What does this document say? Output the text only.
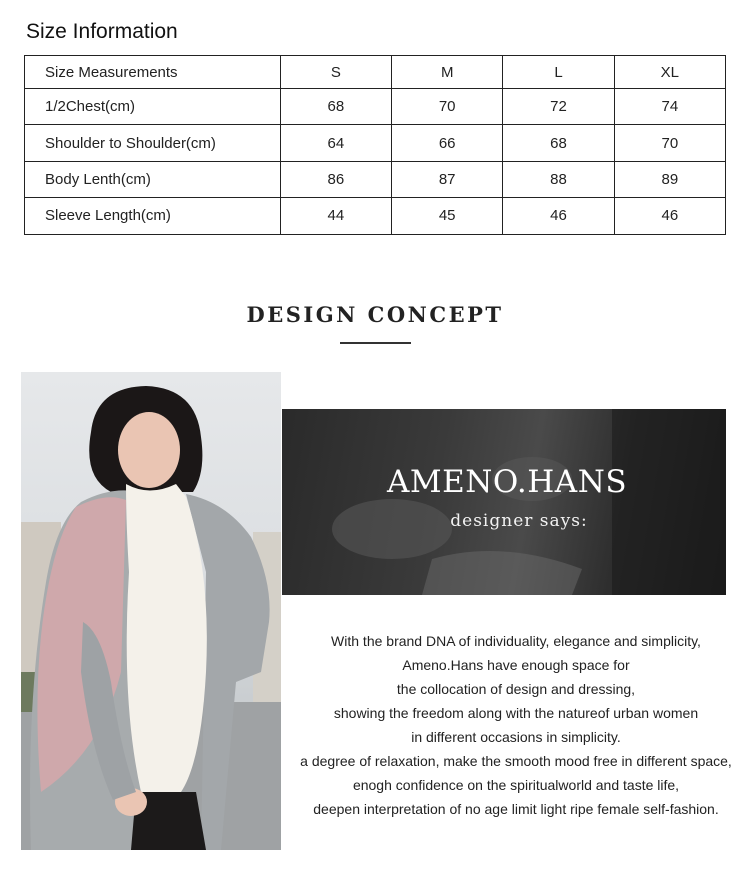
Size Information
Size Measurements	S	M	L	XL
1/2Chest(cm)	68	70	72	74
Shoulder to Shoulder(cm)	64	66	68	70
Body Lenth(cm)	86	87	88	89
Sleeve Length(cm)	44	45	46	46
DESIGN CONCEPT
AMENO.HANS
designer says:
With the brand DNA of individuality, elegance and simplicity,
Ameno.Hans have enough space for
the collocation of design and dressing,
showing the freedom along with the natureof urban women
in different occasions in simplicity.
a degree of relaxation, make the smooth mood free in different space,
enogh confidence on the spiritualworld and taste life,
deepen interpretation of no age limit light ripe female self-fashion.
